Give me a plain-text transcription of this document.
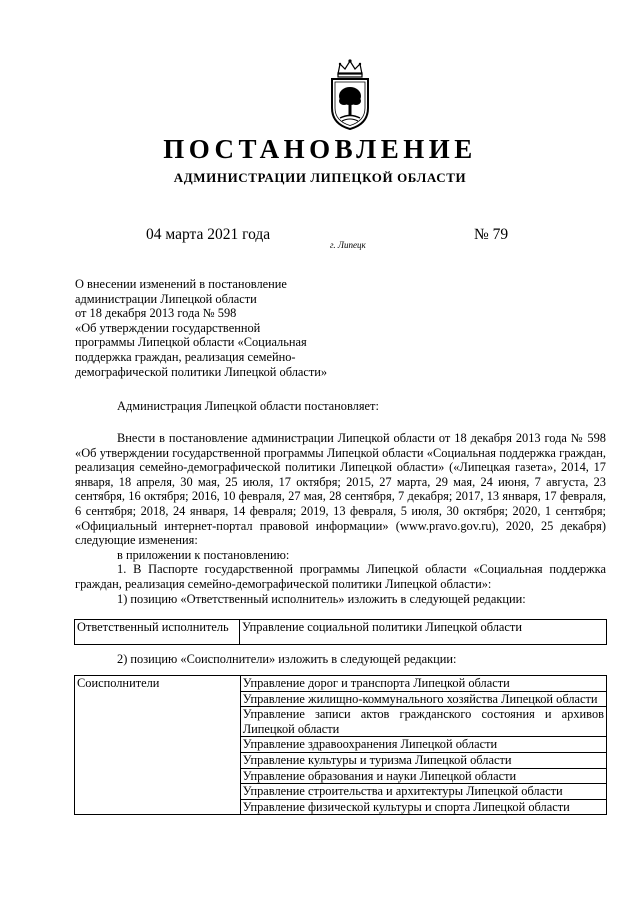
ПОСТАНОВЛЕНИЕ
АДМИНИСТРАЦИИ ЛИПЕЦКОЙ ОБЛАСТИ
04 марта 2021 года
г. Липецк
№ 79
О внесении изменений в постановление
администрации Липецкой области
от 18 декабря 2013 года № 598
«Об утверждении государственной
программы Липецкой области «Социальная
поддержка граждан, реализация семейно-
демографической политики Липецкой области»
Администрация Липецкой области постановляет:

Внести в постановление администрации Липецкой области от 18 декабря 2013 года № 598 «Об утверждении государственной программы Липецкой области «Социальная поддержка граждан, реализация семейно-демографической политики Липецкой области» («Липецкая газета», 2014, 17 января, 18 апреля, 30 мая, 25 июля, 17 октября; 2015, 27 марта, 29 мая, 24 июня, 7 августа, 23 сентября, 16 октября; 2016, 10 февраля, 27 мая, 28 сентября, 7 декабря; 2017, 13 января, 17 февраля, 6 сентября; 2018, 24 января, 14 февраля; 2019, 13 февраля, 5 июля, 30 октября; 2020, 1 сентября; «Официальный интернет-портал правовой информации» (www.pravo.gov.ru), 2020, 25 декабря) следующие изменения:

в приложении к постановлению:

1. В Паспорте государственной программы Липецкой области «Социальная поддержка граждан, реализация семейно-демографической политики Липецкой области»:

1) позицию «Ответственный исполнитель» изложить в следующей редакции:

Ответственный исполнитель	Управление социальной политики Липецкой области
2) позицию «Соисполнители» изложить в следующей редакции:
Соисполнители	Управление дорог и транспорта Липецкой области
Управление жилищно-коммунального хозяйства Липецкой области
Управление записи актов гражданского состояния и архивов Липецкой области
Управление здравоохранения Липецкой области
Управление культуры и туризма Липецкой области
Управление образования и науки Липецкой области
Управление строительства и архитектуры Липецкой области
Управление физической культуры и спорта Липецкой области
